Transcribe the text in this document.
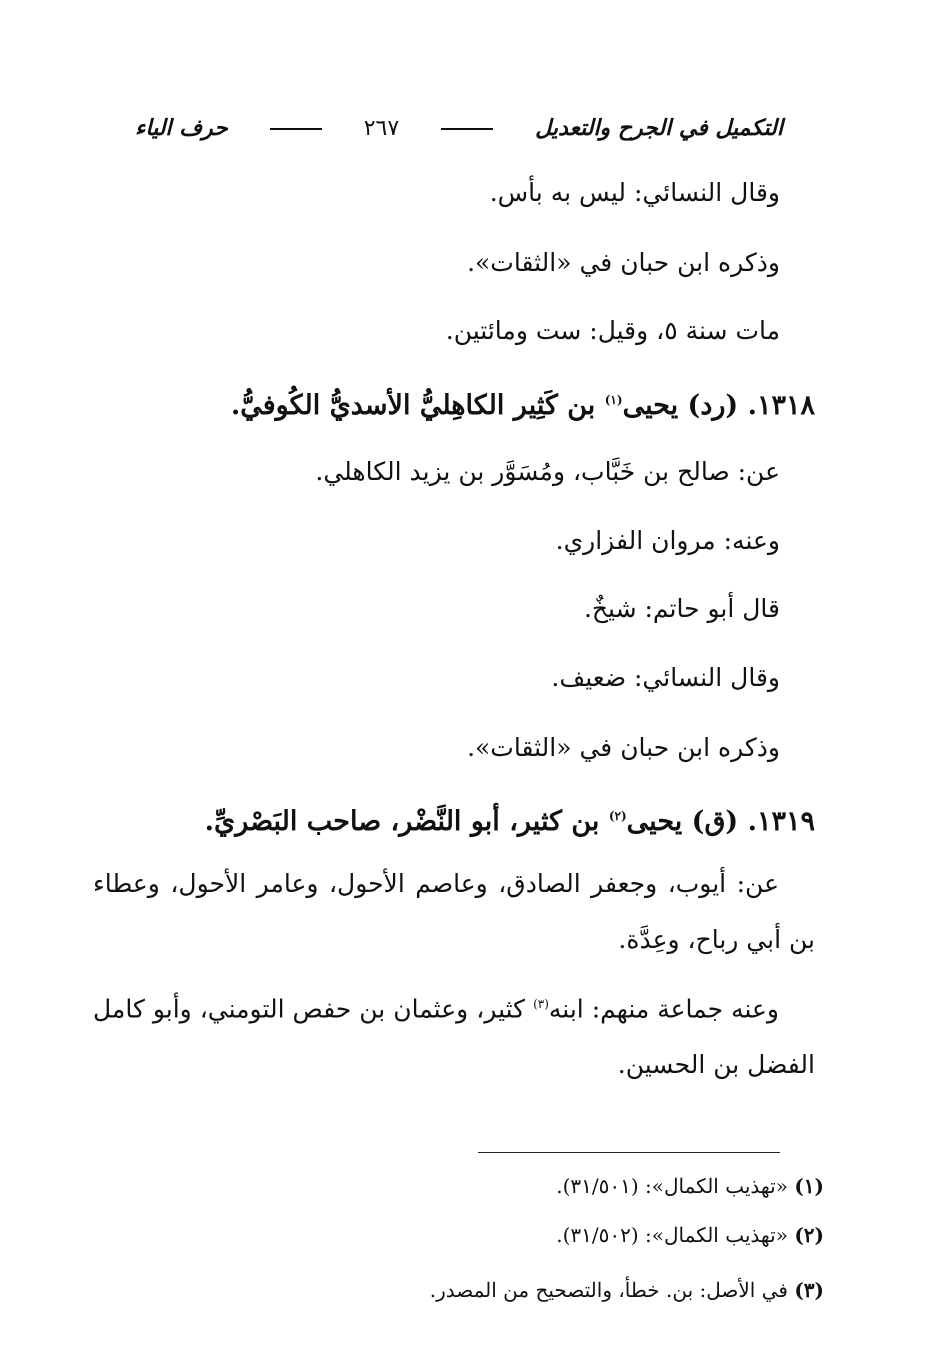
التكميل في الجرح والتعديل
٢٦٧
حرف الياء
وقال النسائي: ليس به بأس.
وذكره ابن حبان في «الثقات».
مات سنة ٥، وقيل: ست ومائتين.
١٣١٨. (رد) يحيى$^{(١)}$ بن كَثِير الكاهِليُّ الأسديُّ الكُوفيُّ.
عن: صالح بن خَبَّاب، ومُسَوَّر بن يزيد الكاهلي.
وعنه: مروان الفزاري.
قال أبو حاتم: شيخٌ.
وقال النسائي: ضعيف.
وذكره ابن حبان في «الثقات».
١٣١٩. (ق) يحيى$^{(٢)}$ بن كثير، أبو النَّضْر، صاحب البَصْريِّ.
عن: أيوب، وجعفر الصادق، وعاصم الأحول، وعامر الأحول، وعطاء بن أبي رباح، وعِدَّة.
وعنه جماعة منهم: ابنه$^{(٣)}$ كثير، وعثمان بن حفص التومني، وأبو كامل الفضل بن الحسين.
(١) «تهذيب الكمال»: (٣١/٥٠١).
(٢) «تهذيب الكمال»: (٣١/٥٠٢).
(٣) في الأصل: بن. خطأ، والتصحيح من المصدر.
